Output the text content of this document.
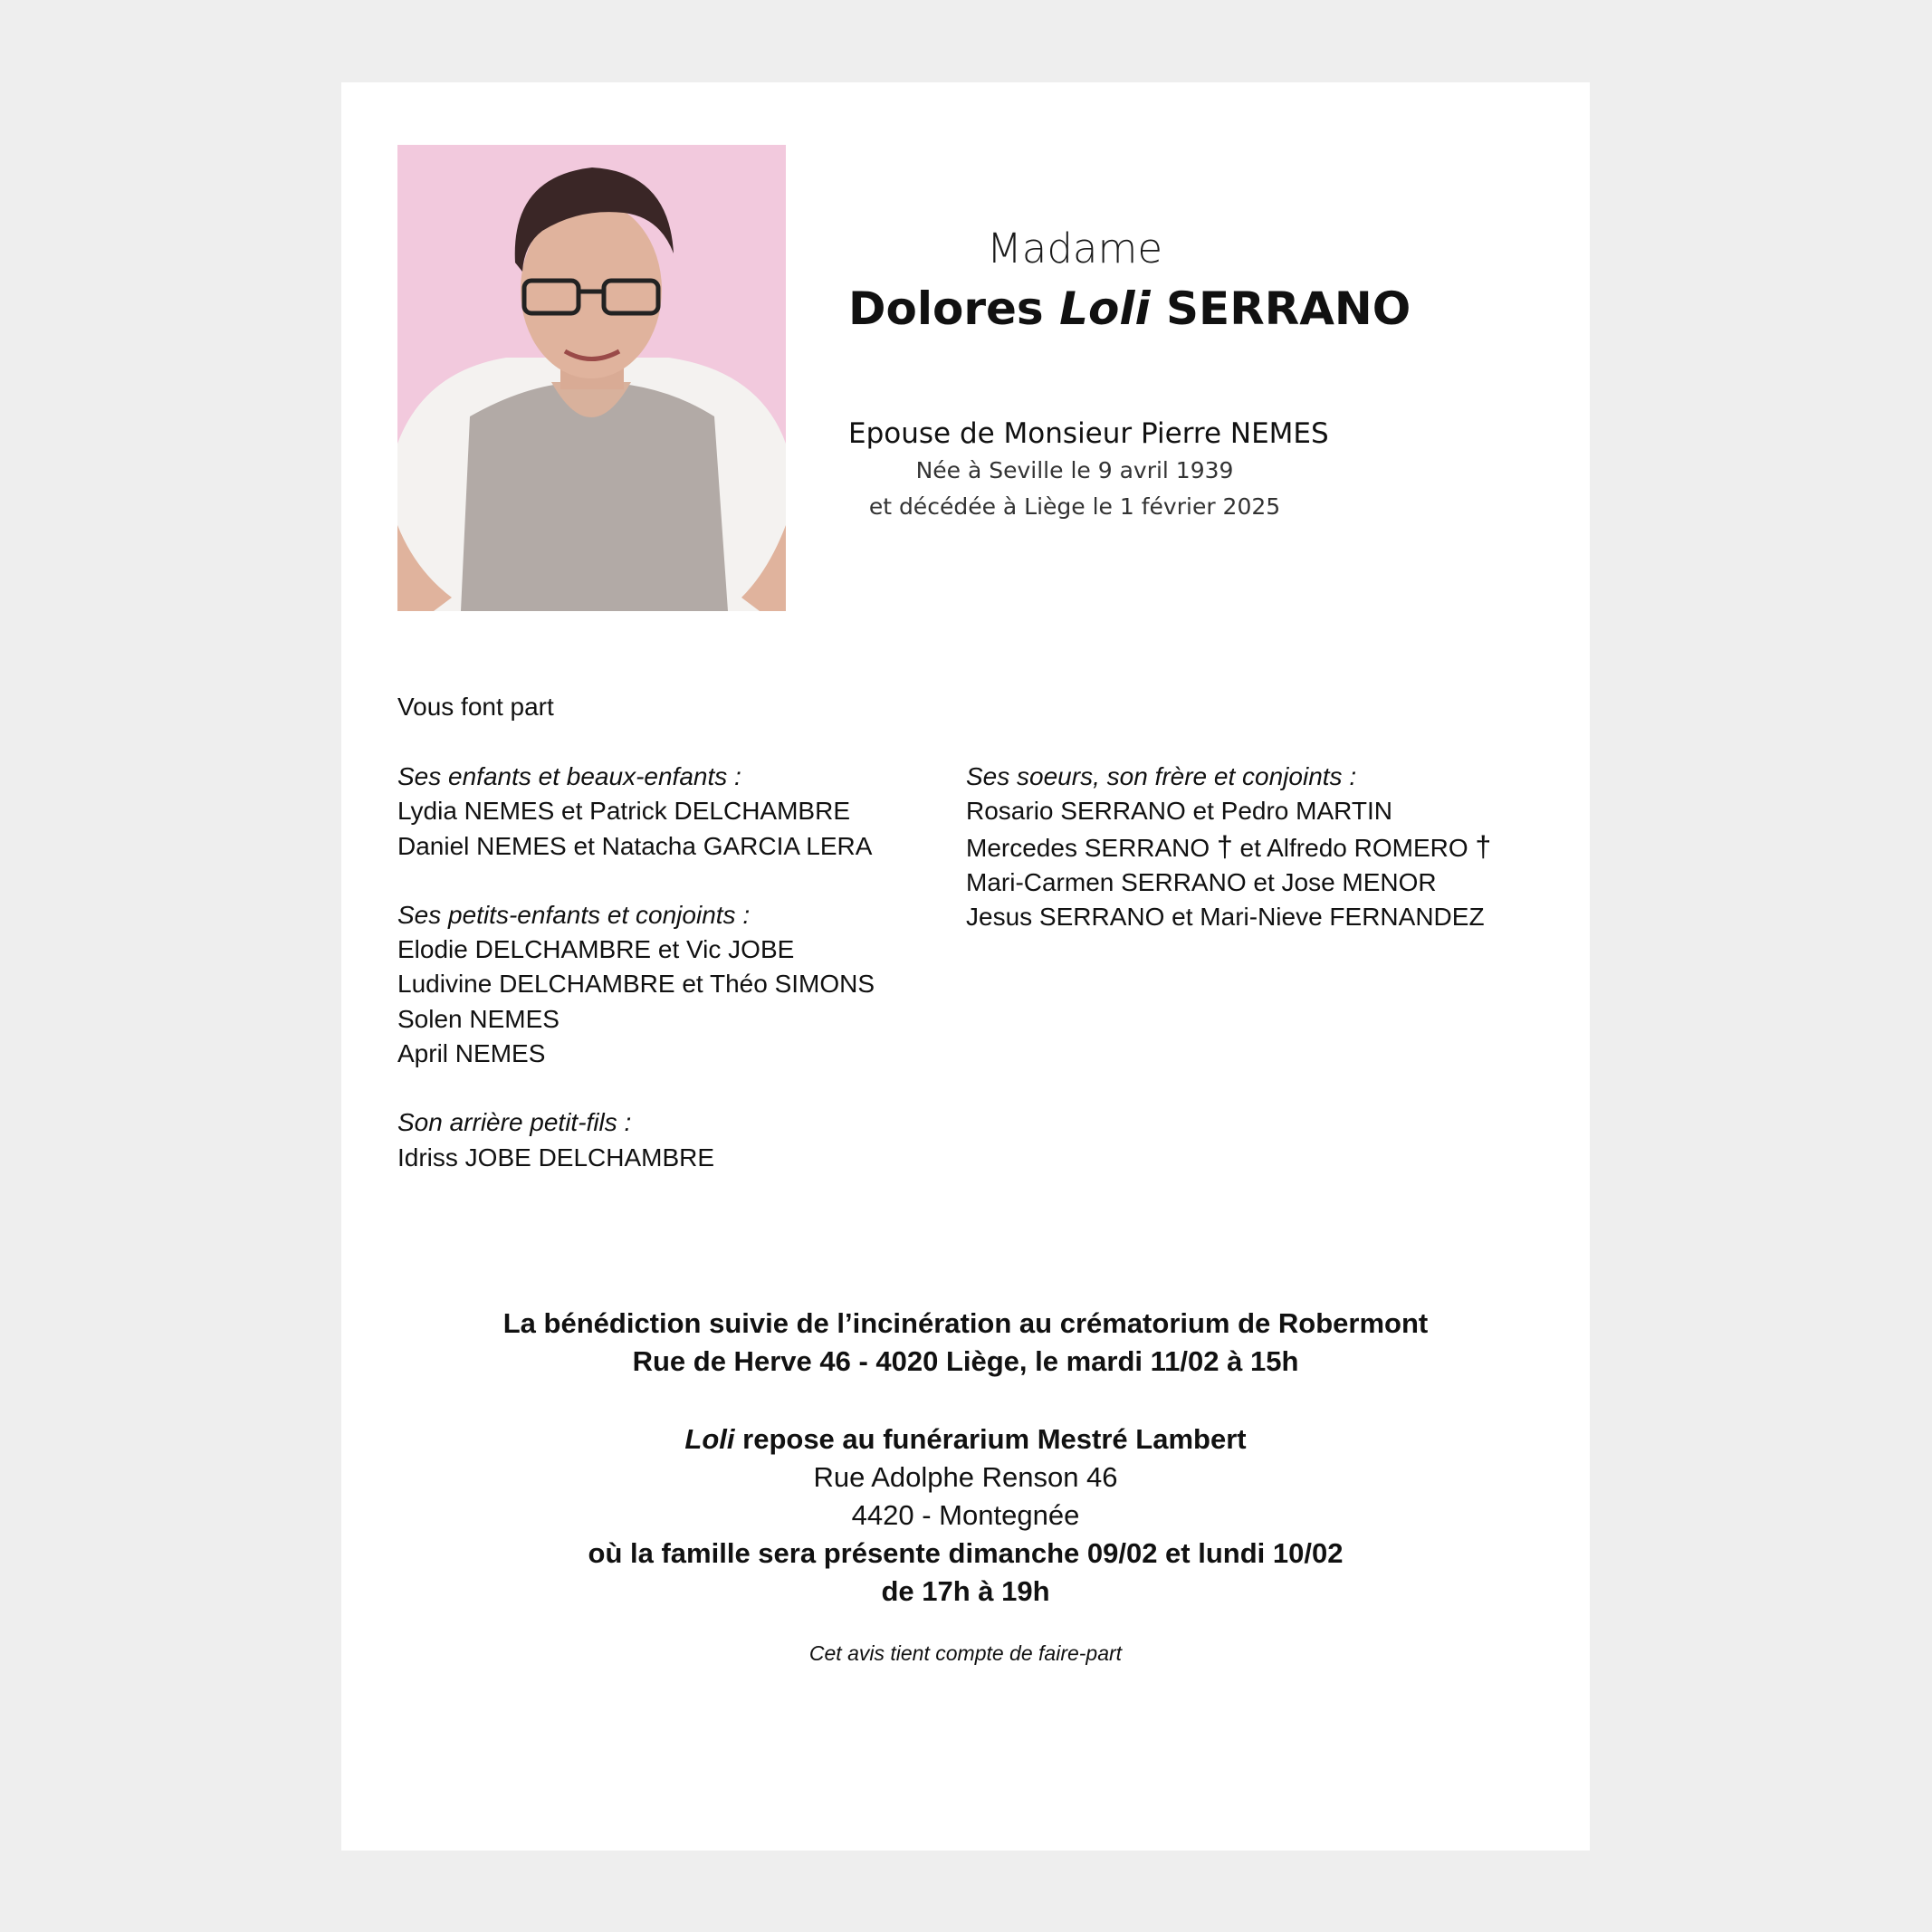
Madame
Dolores Loli SERRANO
Epouse de Monsieur Pierre NEMES
Née à Seville le 9 avril 1939
et décédée à Liège le 1 février 2025
Vous font part
Ses enfants et beaux-enfants :
Lydia NEMES et Patrick DELCHAMBRE
Daniel NEMES et Natacha GARCIA LERA
Ses petits-enfants et conjoints :
Elodie DELCHAMBRE et Vic JOBE
Ludivine DELCHAMBRE et Théo SIMONS
Solen NEMES
April NEMES
Son arrière petit-fils :
Idriss JOBE DELCHAMBRE
Ses soeurs, son frère et conjoints :
Rosario SERRANO et Pedro MARTIN
Mercedes SERRANO † et Alfredo ROMERO †
Mari-Carmen SERRANO et Jose MENOR
Jesus SERRANO et Mari-Nieve FERNANDEZ
La bénédiction suivie de l’incinération au crématorium de Robermont
Rue de Herve 46 - 4020 Liège, le mardi 11/02 à 15h
Loli repose au funérarium Mestré Lambert
Rue Adolphe Renson 46
4420 - Montegnée
où la famille sera présente dimanche 09/02 et lundi 10/02
de 17h à 19h
Cet avis tient compte de faire-part
